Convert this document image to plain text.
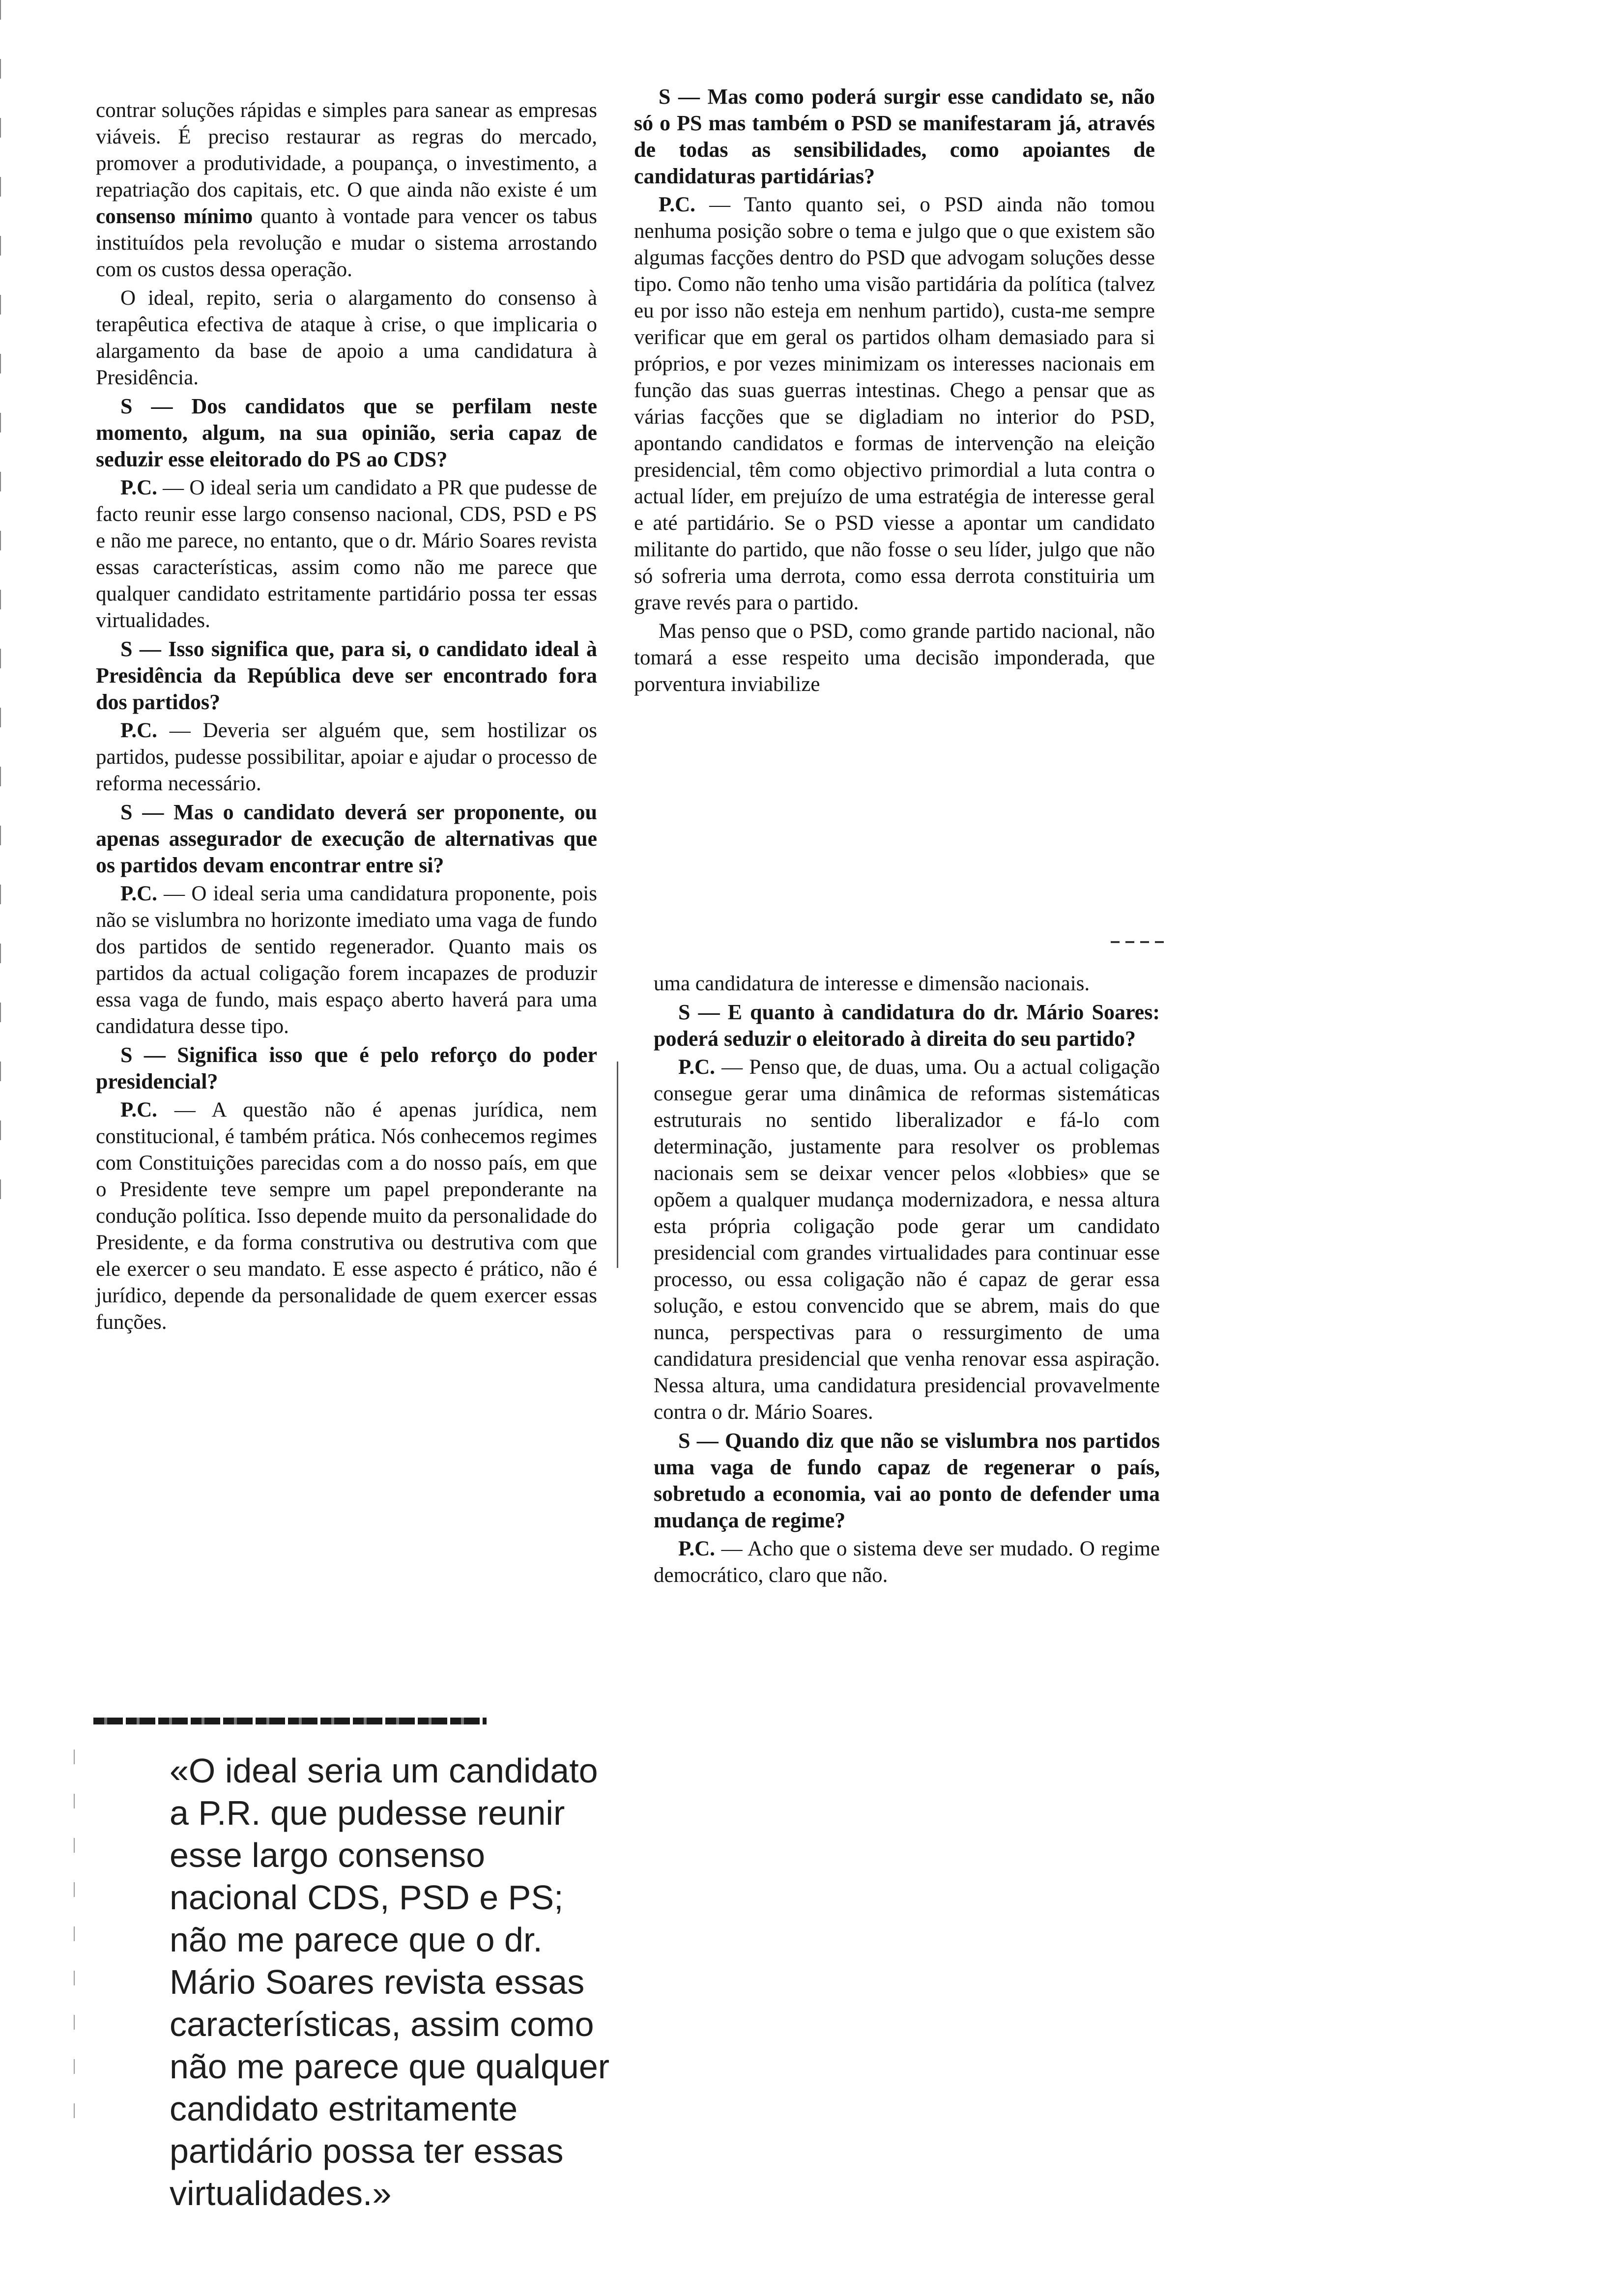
contrar soluções rápidas e simples para sanear as empresas viáveis. É preciso restaurar as regras do mercado, promover a produtividade, a poupança, o investimento, a repatriação dos capitais, etc. O que ainda não existe é um consenso mínimo quanto à vontade para vencer os tabus instituídos pela revolução e mudar o sistema arrostando com os custos dessa operação.

O ideal, repito, seria o alargamento do consenso à terapêutica efectiva de ataque à crise, o que implicaria o alargamento da base de apoio a uma candidatura à Presidência.

S — Dos candidatos que se perfilam neste momento, algum, na sua opinião, seria capaz de seduzir esse eleitorado do PS ao CDS?

P.C. — O ideal seria um candidato a PR que pudesse de facto reunir esse largo consenso nacional, CDS, PSD e PS e não me parece, no entanto, que o dr. Mário Soares revista essas características, assim como não me parece que qualquer candidato estritamente partidário possa ter essas virtualidades.

S — Isso significa que, para si, o candidato ideal à Presidência da República deve ser encontrado fora dos partidos?

P.C. — Deveria ser alguém que, sem hostilizar os partidos, pudesse possibilitar, apoiar e ajudar o processo de reforma necessário.

S — Mas o candidato deverá ser proponente, ou apenas assegurador de execução de alternativas que os partidos devam encontrar entre si?

P.C. — O ideal seria uma candidatura proponente, pois não se vislumbra no horizonte imediato uma vaga de fundo dos partidos de sentido regenerador. Quanto mais os partidos da actual coligação forem incapazes de produzir essa vaga de fundo, mais espaço aberto haverá para uma candidatura desse tipo.

S — Significa isso que é pelo reforço do poder presidencial?

P.C. — A questão não é apenas jurídica, nem constitucional, é também prática. Nós conhecemos regimes com Constituições parecidas com a do nosso país, em que o Presidente teve sempre um papel preponderante na condução política. Isso depende muito da personalidade do Presidente, e da forma construtiva ou destrutiva com que ele exercer o seu mandato. E esse aspecto é prático, não é jurídico, depende da personalidade de quem exercer essas funções.

S — Mas como poderá surgir esse candidato se, não só o PS mas também o PSD se manifestaram já, através de todas as sensibilidades, como apoiantes de candidaturas partidárias?

P.C. — Tanto quanto sei, o PSD ainda não tomou nenhuma posição sobre o tema e julgo que o que existem são algumas facções dentro do PSD que advogam soluções desse tipo. Como não tenho uma visão partidária da política (talvez eu por isso não esteja em nenhum partido), custa-me sempre verificar que em geral os partidos olham demasiado para si próprios, e por vezes minimizam os interesses nacionais em função das suas guerras intestinas. Chego a pensar que as várias facções que se digladiam no interior do PSD, apontando candidatos e formas de intervenção na eleição presidencial, têm como objectivo primordial a luta contra o actual líder, em prejuízo de uma estratégia de interesse geral e até partidário. Se o PSD viesse a apontar um candidato militante do partido, que não fosse o seu líder, julgo que não só sofreria uma derrota, como essa derrota constituiria um grave revés para o partido.

Mas penso que o PSD, como grande partido nacional, não tomará a esse respeito uma decisão imponderada, que porventura inviabilize

uma candidatura de interesse e dimensão nacionais.

S — E quanto à candidatura do dr. Mário Soares: poderá seduzir o eleitorado à direita do seu partido?

P.C. — Penso que, de duas, uma. Ou a actual coligação consegue gerar uma dinâmica de reformas sistemáticas estruturais no sentido liberalizador e fá-lo com determinação, justamente para resolver os problemas nacionais sem se deixar vencer pelos «lobbies» que se opõem a qualquer mudança modernizadora, e nessa altura esta própria coligação pode gerar um candidato presidencial com grandes virtualidades para continuar esse processo, ou essa coligação não é capaz de gerar essa solução, e estou convencido que se abrem, mais do que nunca, perspectivas para o ressurgimento de uma candidatura presidencial que venha renovar essa aspiração. Nessa altura, uma candidatura presidencial provavelmente contra o dr. Mário Soares.

S — Quando diz que não se vislumbra nos partidos uma vaga de fundo capaz de regenerar o país, sobretudo a economia, vai ao ponto de defender uma mudança de regime?

P.C. — Acho que o sistema deve ser mudado. O regime democrático, claro que não.

«O ideal seria um candidato a P.R. que pudesse reunir esse largo consenso nacional CDS, PSD e PS; não me parece que o dr. Mário Soares revista essas características, assim como não me parece que qualquer candidato estritamente partidário possa ter essas virtualidades.»
